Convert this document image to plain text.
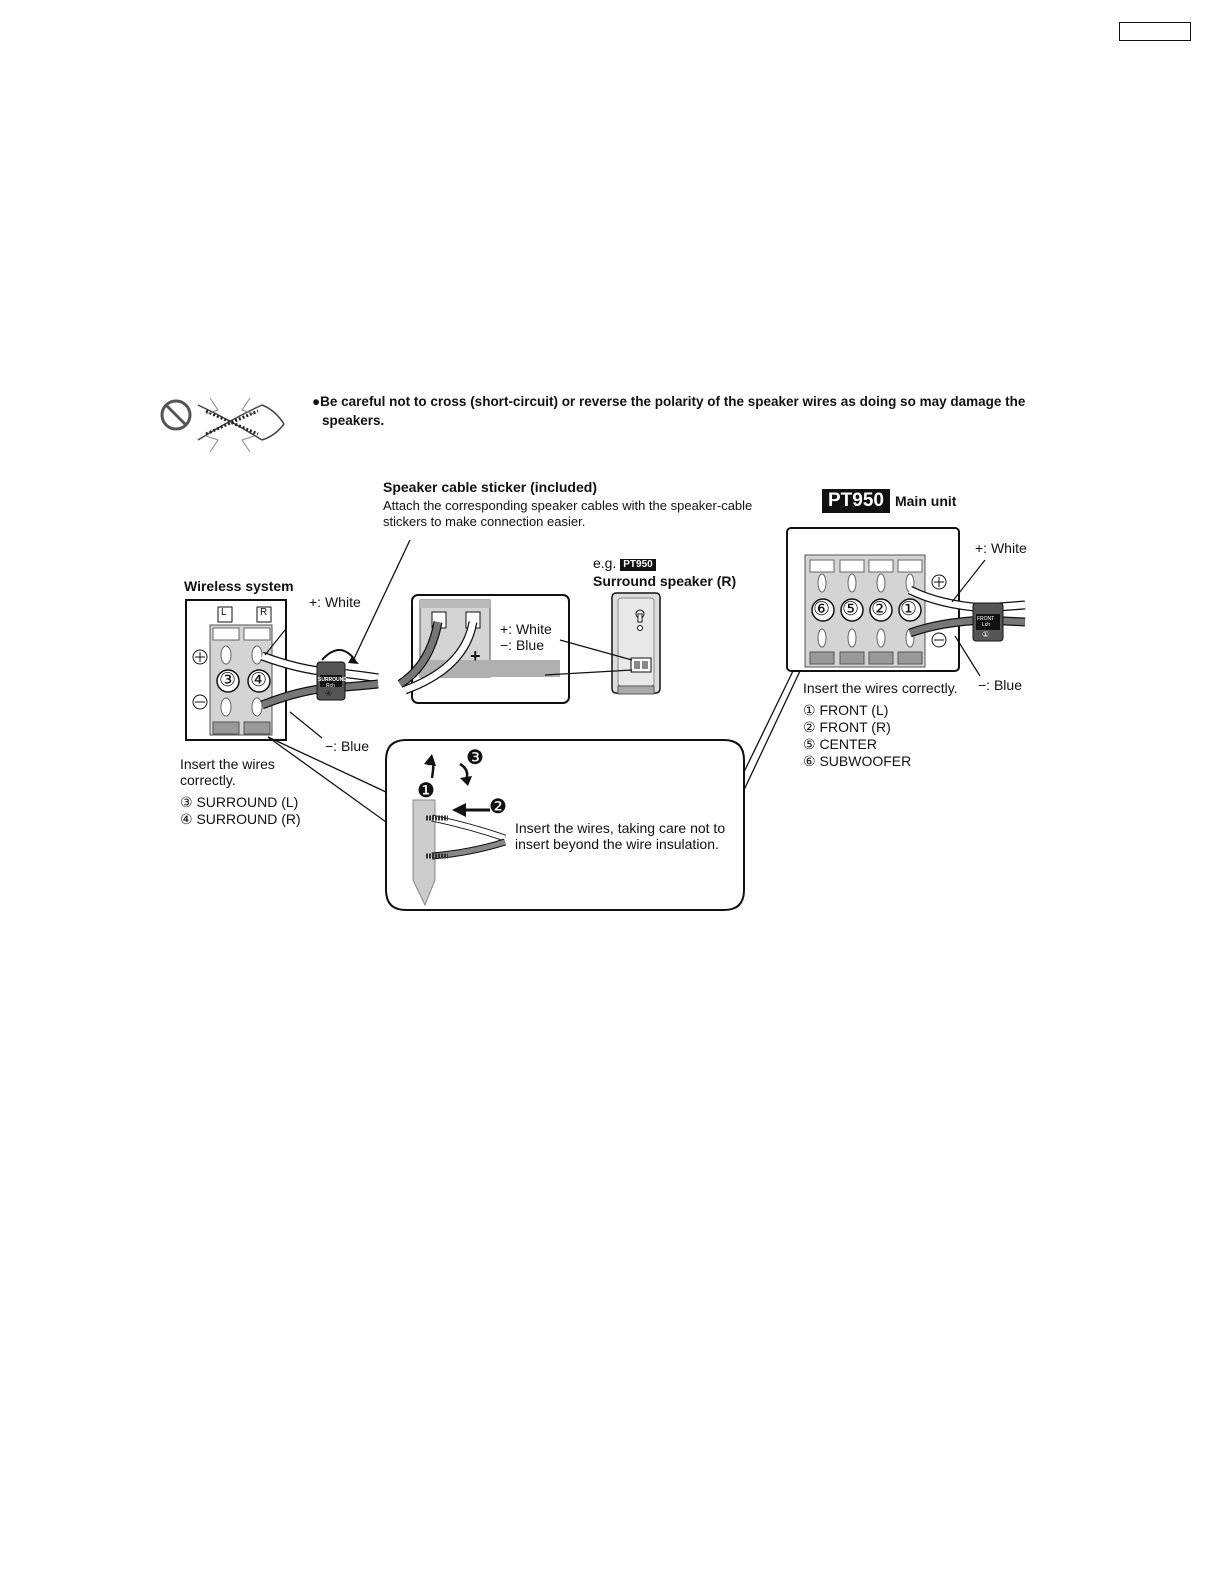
+
●Be careful not to cross (short-circuit) or reverse the polarity of the speaker wires as doing so may damage the
speakers.
Speaker cable sticker (included)
Attach the corresponding speaker cables with the speaker-cable
stickers to make connection easier.
SURROUND
Rch
④
PT950 Main unit
+: White
−: Blue
⑥ ⑤ ② ①	FRONT
Lch
①
Insert the wires correctly.
① FRONT (L)
② FRONT (R)
⑤ CENTER
⑥ SUBWOOFER
Wireless system
+: White
−: Blue
L	R
③ ④
Insert the wires
correctly.
③ SURROUND (L)
④ SURROUND (R)
e.g. PT950
Surround speaker (R)
+: White
−: Blue
❶
❷
❸
Insert the wires, taking care not to
insert beyond the wire insulation.
